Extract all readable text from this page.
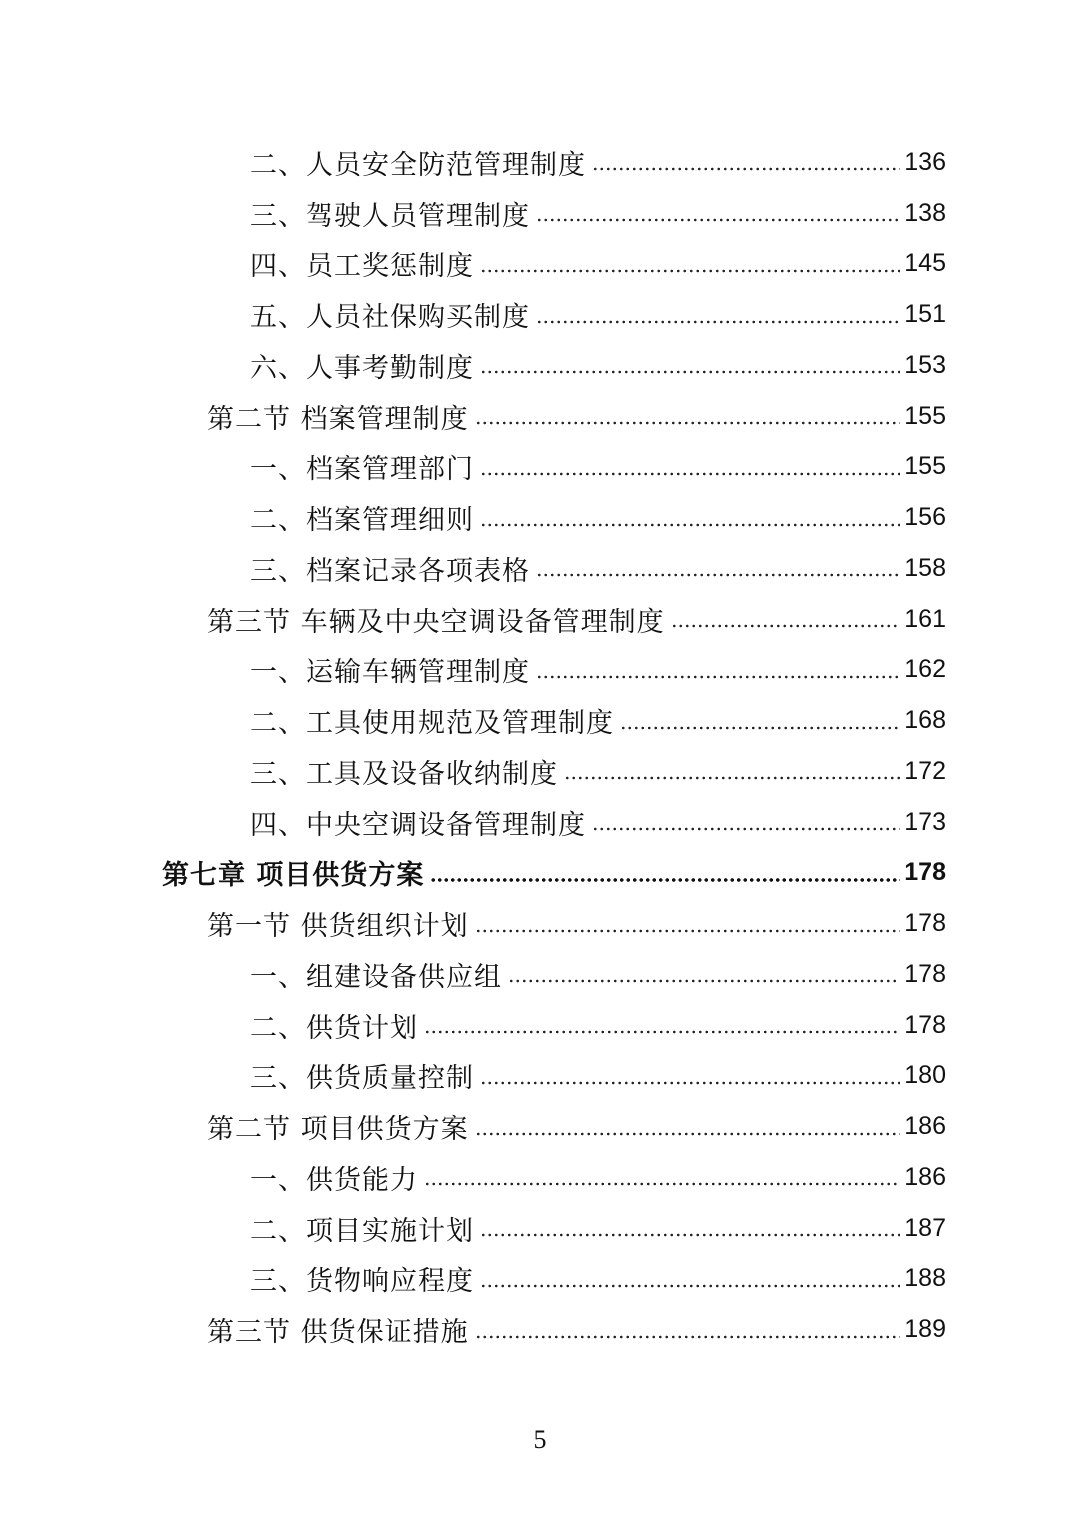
二、人员安全防范管理制度	136
三、驾驶人员管理制度	138
四、员工奖惩制度	145
五、人员社保购买制度	151
六、人事考勤制度	153
第二节 档案管理制度	155
一、档案管理部门	155
二、档案管理细则	156
三、档案记录各项表格	158
第三节 车辆及中央空调设备管理制度	161
一、运输车辆管理制度	162
二、工具使用规范及管理制度	168
三、工具及设备收纳制度	172
四、中央空调设备管理制度	173
第七章 项目供货方案	178
第一节 供货组织计划	178
一、组建设备供应组	178
二、供货计划	178
三、供货质量控制	180
第二节 项目供货方案	186
一、供货能力	186
二、项目实施计划	187
三、货物响应程度	188
第三节 供货保证措施	189
5
